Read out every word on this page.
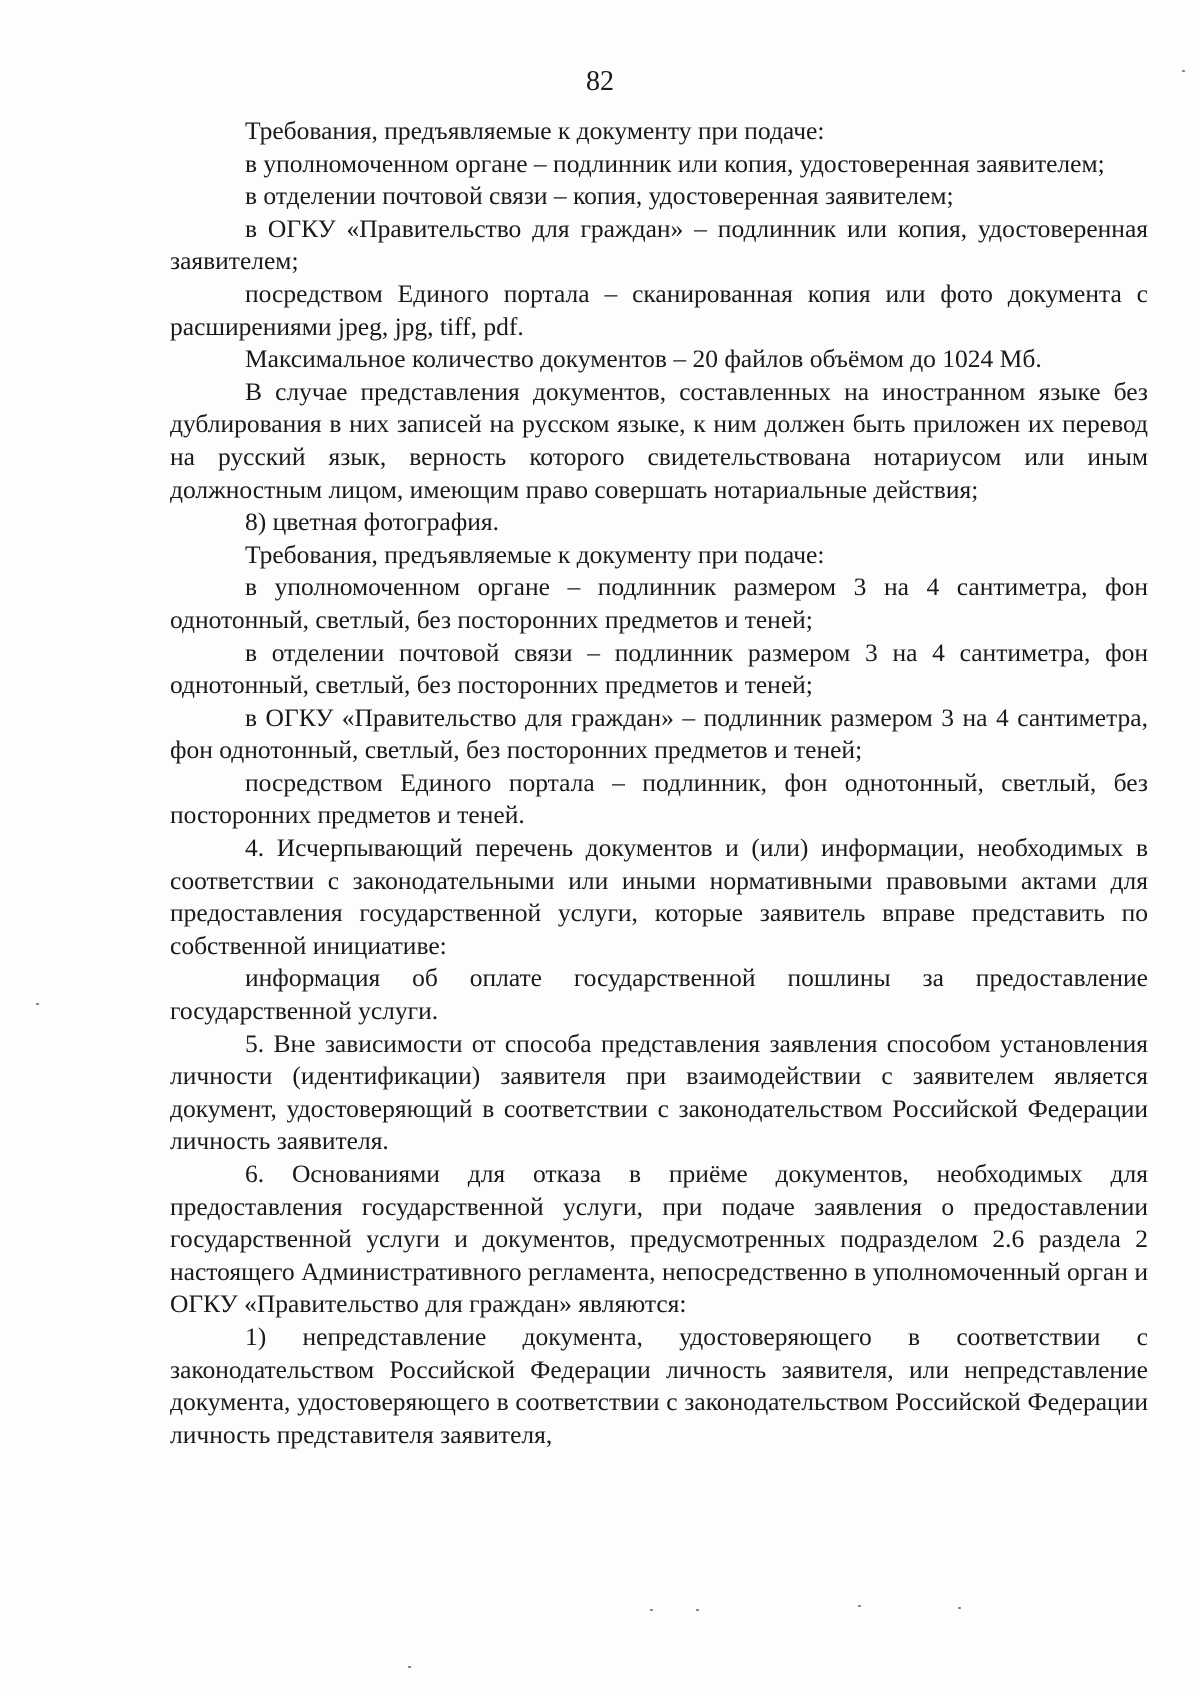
82

Требования, предъявляемые к документу при подаче:

в уполномоченном органе – подлинник или копия, удостоверенная заявителем;

в отделении почтовой связи – копия, удостоверенная заявителем;

в ОГКУ «Правительство для граждан» – подлинник или копия, удостоверенная заявителем;

посредством Единого портала – сканированная копия или фото документа с расширениями jpeg, jpg, tiff, pdf.

Максимальное количество документов – 20 файлов объёмом до 1024 Мб.

В случае представления документов, составленных на иностранном языке без дублирования в них записей на русском языке, к ним должен быть приложен их перевод на русский язык, верность которого свидетельствована нотариусом или иным должностным лицом, имеющим право совершать нотариальные действия;

8) цветная фотография.

Требования, предъявляемые к документу при подаче:

в уполномоченном органе – подлинник размером 3 на 4 сантиметра, фон однотонный, светлый, без посторонних предметов и теней;

в отделении почтовой связи – подлинник размером 3 на 4 сантиметра, фон однотонный, светлый, без посторонних предметов и теней;

в ОГКУ «Правительство для граждан» – подлинник размером 3 на 4 сантиметра, фон однотонный, светлый, без посторонних предметов и теней;

посредством Единого портала – подлинник, фон однотонный, светлый, без посторонних предметов и теней.

4. Исчерпывающий перечень документов и (или) информации, необходимых в соответствии с законодательными или иными нормативными правовыми актами для предоставления государственной услуги, которые заявитель вправе представить по собственной инициативе:

информация об оплате государственной пошлины за предоставление государственной услуги.

5. Вне зависимости от способа представления заявления способом установления личности (идентификации) заявителя при взаимодействии с заявителем является документ, удостоверяющий в соответствии с законодательством Российской Федерации личность заявителя.

6. Основаниями для отказа в приёме документов, необходимых для предоставления государственной услуги, при подаче заявления о предоставлении государственной услуги и документов, предусмотренных подразделом 2.6 раздела 2 настоящего Административного регламента, непосредственно в уполномоченный орган и ОГКУ «Правительство для граждан» являются:

1) непредставление документа, удостоверяющего в соответствии с законодательством Российской Федерации личность заявителя, или непредставление документа, удостоверяющего в соответствии с законодательством Российской Федерации личность представителя заявителя,
